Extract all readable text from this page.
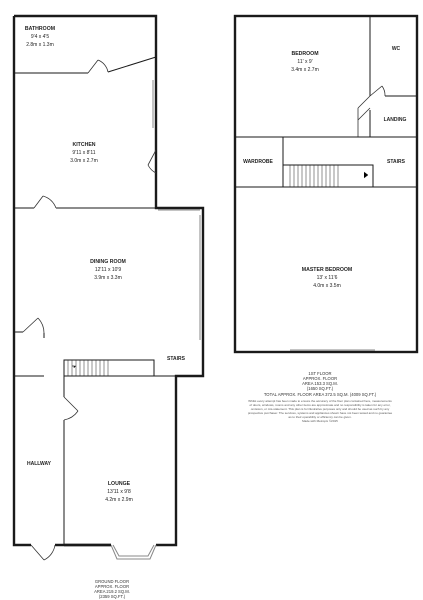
BATHROOM
9'4 x 4'5
2.8m x 1.3m
KITCHEN
9'11 x 8'11
3.0m x 2.7m
DINING ROOM
12'11 x 10'9
3.9m x 3.3m
STAIRS
HALLWAY
LOUNGE
13'11 x 9'8
4.2m x 2.9m
GROUND FLOOR
APPROX. FLOOR
AREA 219.2 SQ.M.
(2359 SQ.FT.)
BEDROOM
11' x 9'
3.4m x 2.7m
WC
LANDING
WARDROBE	STAIRS
MASTER BEDROOM
13' x 11'6
4.0m x 3.5m
1ST FLOOR
APPROX. FLOOR
AREA 153.3 SQ.M.
(1650 SQ.FT.)
TOTAL APPROX. FLOOR AREA 372.5 SQ.M. (4009 SQ.FT.)
Whilst every attempt has been made to ensure the accuracy of the floor plan contained here, measurements
of doors, windows, rooms and any other items are approximate and no responsibility is taken for any error,
omission, or mis-statement. This plan is for illustrative purposes only and should be used as such by any
prospective purchaser. The services, systems and appliances shown have not been tested and no guarantee
as to their operability or efficiency can be given.
Made with Metropix ©2015
